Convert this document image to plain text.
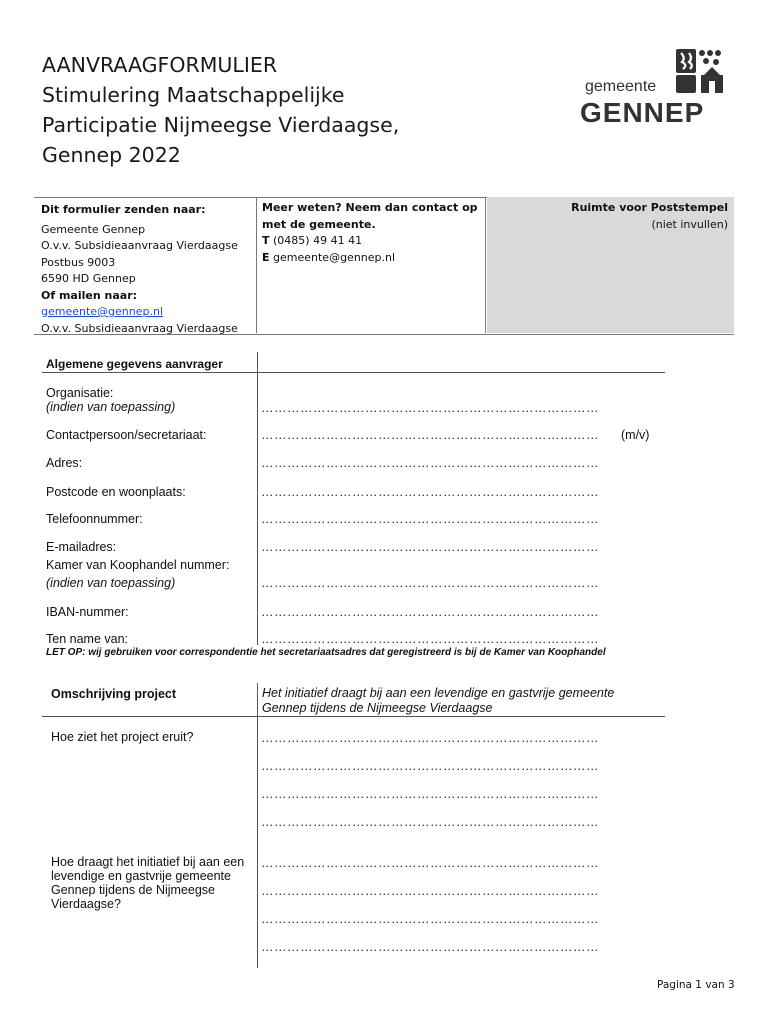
AANVRAAGFORMULIER
Stimulering Maatschappelijke
Participatie Nijmeegse Vierdaagse,
Gennep 2022
gemeente
GENNEP
Dit formulier zenden naar:
Gemeente Gennep
O.v.v. Subsidieaanvraag Vierdaagse
Postbus 9003
6590 HD Gennep
Of mailen naar:
gemeente@gennep.nl
O.v.v. Subsidieaanvraag Vierdaagse
Meer weten? Neem dan contact op
met de gemeente.
T (0485) 49 41 41
E gemeente@gennep.nl
Ruimte voor Poststempel
(niet invullen)
Algemene gegevens aanvrager
Organisatie:
(indien van toepassing)	……………………………………………………………………
Contactpersoon/secretariaat:	……………………………………………………………………	(m/v)
Adres:	……………………………………………………………………
Postcode en woonplaats:	……………………………………………………………………
Telefoonnummer:	……………………………………………………………………
E-mailadres:	……………………………………………………………………
Kamer van Koophandel nummer:
(indien van toepassing)	……………………………………………………………………
IBAN-nummer:	……………………………………………………………………
Ten name van:	……………………………………………………………………
LET OP: wij gebruiken voor correspondentie het secretariaatsadres dat geregistreerd is bij de Kamer van Koophandel
Omschrijving project	Het initiatief draagt bij aan een levendige en gastvrije gemeente Gennep tijdens de Nijmeegse Vierdaagse
Hoe ziet het project eruit?	……………………………………………………………………
……………………………………………………………………
……………………………………………………………………
……………………………………………………………………
Hoe draagt het initiatief bij aan een levendige en gastvrije gemeente Gennep tijdens de Nijmeegse Vierdaagse?
……………………………………………………………………
……………………………………………………………………
……………………………………………………………………
……………………………………………………………………
Pagina 1 van 3
